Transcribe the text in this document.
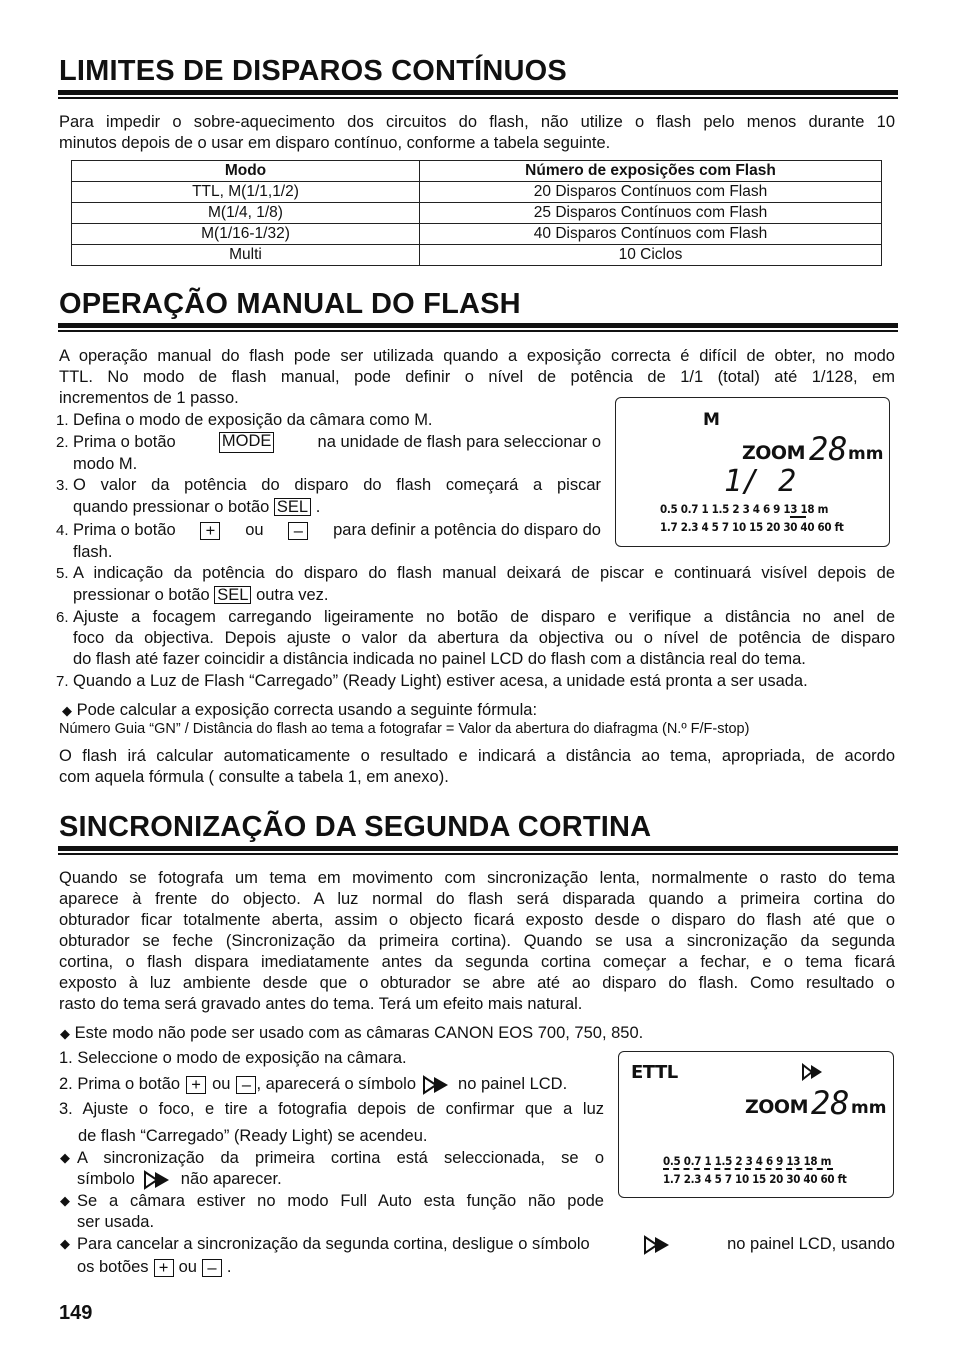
LIMITES DE DISPAROS CONTÍNUOS
Para impedir o sobre-aquecimento dos circuitos do flash, não utilize o flash pelo menos durante 10
minutos depois de o usar em disparo contínuo, conforme a tabela seguinte.
Modo	Número de exposições com Flash
TTL, M(1/1,1/2)	20 Disparos Contínuos com Flash
M(1/4, 1/8)	25 Disparos Contínuos com Flash
M(1/16-1/32)	40 Disparos Contínuos com Flash
Multi	10 Ciclos
OPERAÇÃO MANUAL DO FLASH
A operação manual do flash pode ser utilizada quando a exposição correcta é difícil de obter, no modo
TTL. No modo de flash manual, pode definir o nível de potência de 1/1 (total) até 1/128, em
incrementos de 1 passo.
1. Defina o modo de exposição da câmara como M.
2. Prima o botão	MODE	na unidade de flash para seleccionar o
modo M.
3. O valor da potência do disparo do flash começará a piscar
quando pressionar o botão SEL .
4. Prima o botão	+	ou	–	para definir a potência do disparo do
flash.
M
ZOOM 28 mm
1/ 2
0.5 0.7 1 1.5 2 3 4 6 9 13 18 m
1.7 2.3 4 5 7 10 15 20 30 40 60 ft
5. A indicação da potência do disparo do flash manual deixará de piscar e continuará visível depois de
pressionar o botão SEL outra vez.
6. Ajuste a focagem carregando ligeiramente no botão de disparo e verifique a distância no anel de
foco da objectiva. Depois ajuste o valor da abertura da objectiva ou o nível de potência de disparo
do flash até fazer coincidir a distância indicada no painel LCD do flash com a distância real do tema.
7. Quando a Luz de Flash “Carregado” (Ready Light) estiver acesa, a unidade está pronta a ser usada.
◆ Pode calcular a exposição correcta usando a seguinte fórmula:
Número Guia “GN” / Distância do flash ao tema a fotografar = Valor da abertura do diafragma (N.º F/F-stop)
O flash irá calcular automaticamente o resultado e indicará a distância ao tema, apropriada, de acordo
com aquela fórmula ( consulte a tabela 1, em anexo).
SINCRONIZAÇÃO DA SEGUNDA CORTINA
Quando se fotografa um tema em movimento com sincronização lenta, normalmente o rasto do tema
aparece à frente do objecto. A luz normal do flash será disparada quando a primeira cortina do
obturador ficar totalmente aberta, assim o objecto ficará exposto desde o disparo do flash até que o
obturador se feche (Sincronização da primeira cortina). Quando se usa a sincronização da segunda
cortina, o flash dispara imediatamente antes da segunda cortina começar a fechar, e o tema ficará
exposto à luz ambiente desde que o obturador se abre até ao disparo do flash. Como resultado o
rasto do tema será gravado antes do tema. Terá um efeito mais natural.
◆ Este modo não pode ser usado com as câmaras CANON EOS 700, 750, 850.
1. Seleccione o modo de exposição na câmara.
2. Prima o botão + ou – , aparecerá o símbolo	no painel LCD.
3. Ajuste o foco, e tire a fotografia depois de confirmar que a luz
de flash “Carregado” (Ready Light) se acendeu.
◆ A sincronização da primeira cortina está seleccionada, se o
símbolo	não aparecer.
◆ Se a câmara estiver no modo Full Auto esta função não pode
ser usada.
◆ Para cancelar a sincronização da segunda cortina, desligue o símbolo	no painel LCD, usando
os botões + ou – .
ETTL
ZOOM 28 mm
0.5 0.7 1 1.5 2 3 4 6 9 13 18 m
1.7 2.3 4 5 7 10 15 20 30 40 60 ft
149
